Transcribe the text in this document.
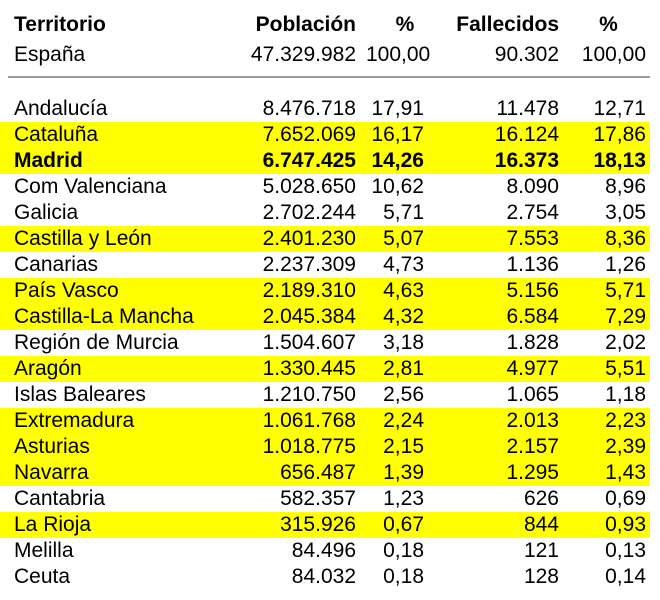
Territorio	Población	%	Fallecidos	%
España	47.329.982	100,00	90.302	100,00

Andalucía	8.476.718	17,91	11.478	12,71
Cataluña	7.652.069	16,17	16.124	17,86
Madrid	6.747.425	14,26	16.373	18,13
Com Valenciana	5.028.650	10,62	8.090	8,96
Galicia	2.702.244	5,71	2.754	3,05
Castilla y León	2.401.230	5,07	7.553	8,36
Canarias	2.237.309	4,73	1.136	1,26
País Vasco	2.189.310	4,63	5.156	5,71
Castilla-La Mancha	2.045.384	4,32	6.584	7,29
Región de Murcia	1.504.607	3,18	1.828	2,02
Aragón	1.330.445	2,81	4.977	5,51
Islas Baleares	1.210.750	2,56	1.065	1,18
Extremadura	1.061.768	2,24	2.013	2,23
Asturias	1.018.775	2,15	2.157	2,39
Navarra	656.487	1,39	1.295	1,43
Cantabria	582.357	1,23	626	0,69
La Rioja	315.926	0,67	844	0,93
Melilla	84.496	0,18	121	0,13
Ceuta	84.032	0,18	128	0,14
